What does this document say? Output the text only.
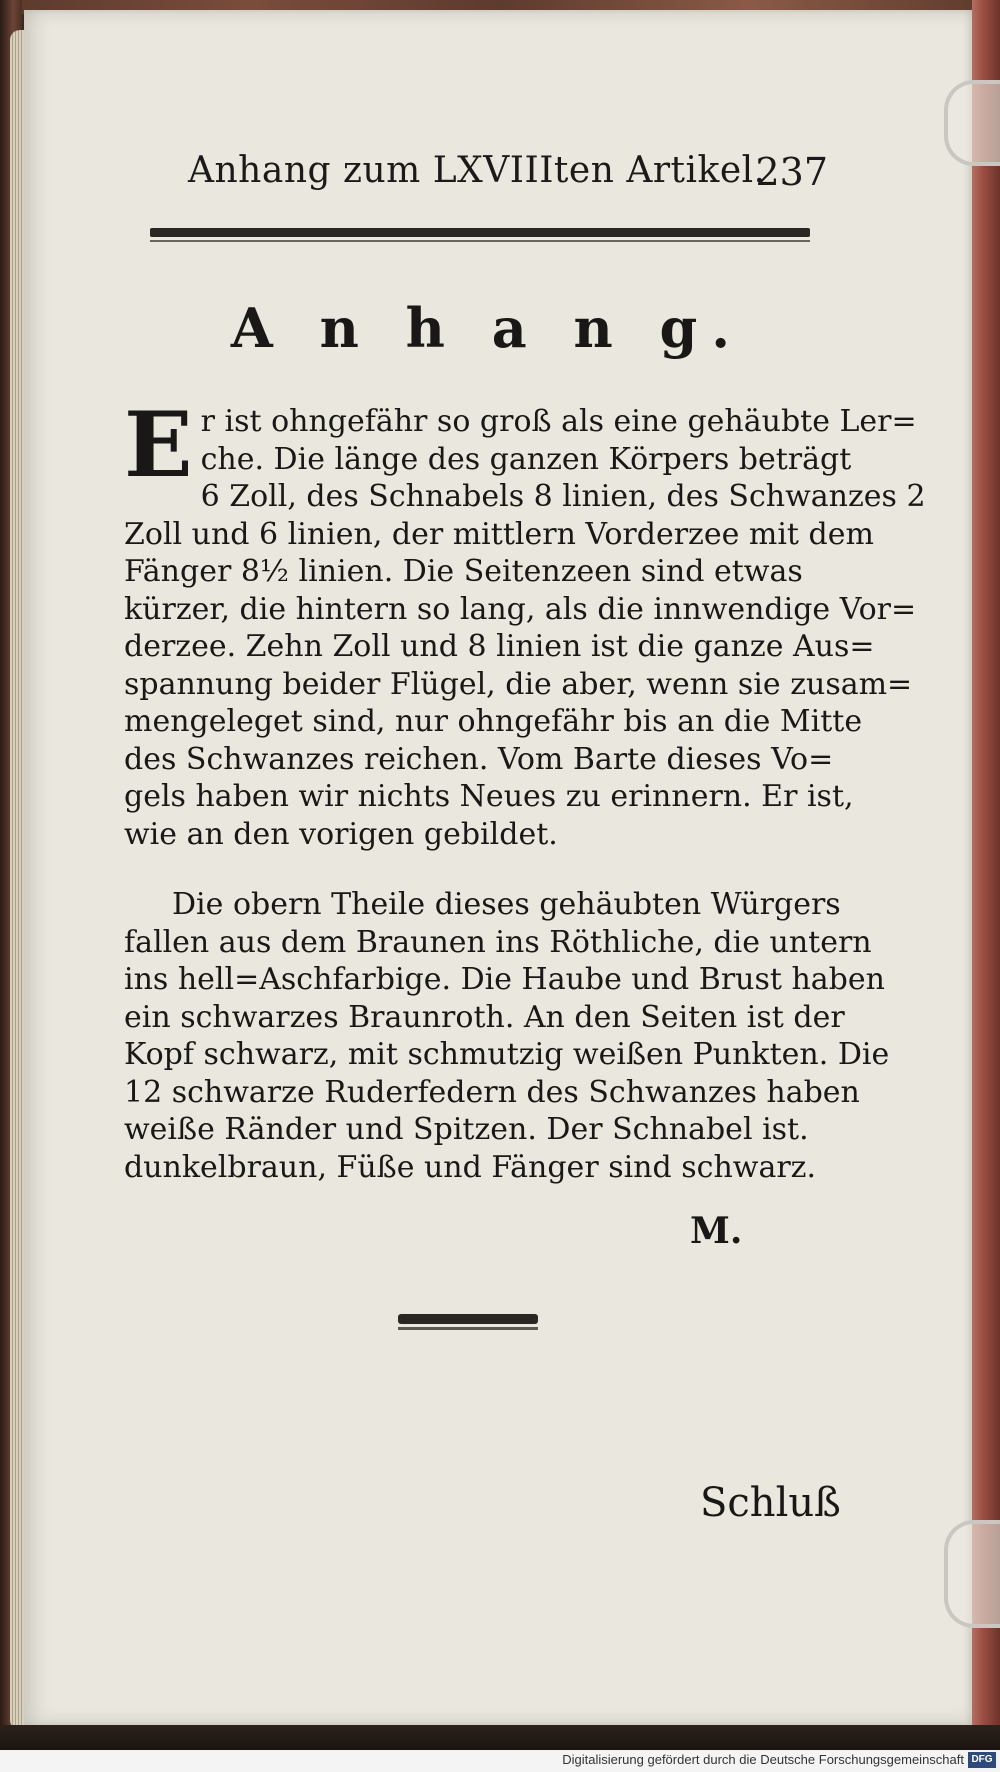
Anhang zum LXVIIIten Artikel.
237
A n h a n g.
E r ist ohngefähr so groß als eine gehäubte Ler=
che. Die länge des ganzen Körpers beträgt
6 Zoll, des Schnabels 8 linien, des Schwanzes 2
Zoll und 6 linien, der mittlern Vorderzee mit dem
Fänger 8½ linien. Die Seitenzeen sind etwas
kürzer, die hintern so lang, als die innwendige Vor=
derzee. Zehn Zoll und 8 linien ist die ganze Aus=
spannung beider Flügel, die aber, wenn sie zusam=
mengeleget sind, nur ohngefähr bis an die Mitte
des Schwanzes reichen. Vom Barte dieses Vo=
gels haben wir nichts Neues zu erinnern. Er ist,
wie an den vorigen gebildet.
Die obern Theile dieses gehäubten Würgers
fallen aus dem Braunen ins Röthliche, die untern
ins hell=Aschfarbige. Die Haube und Brust haben
ein schwarzes Braunroth. An den Seiten ist der
Kopf schwarz, mit schmutzig weißen Punkten. Die
12 schwarze Ruderfedern des Schwanzes haben
weiße Ränder und Spitzen. Der Schnabel ist.
dunkelbraun, Füße und Fänger sind schwarz.
M.
Schluß
Digitalisierung gefördert durch die Deutsche Forschungsgemeinschaft DFG
